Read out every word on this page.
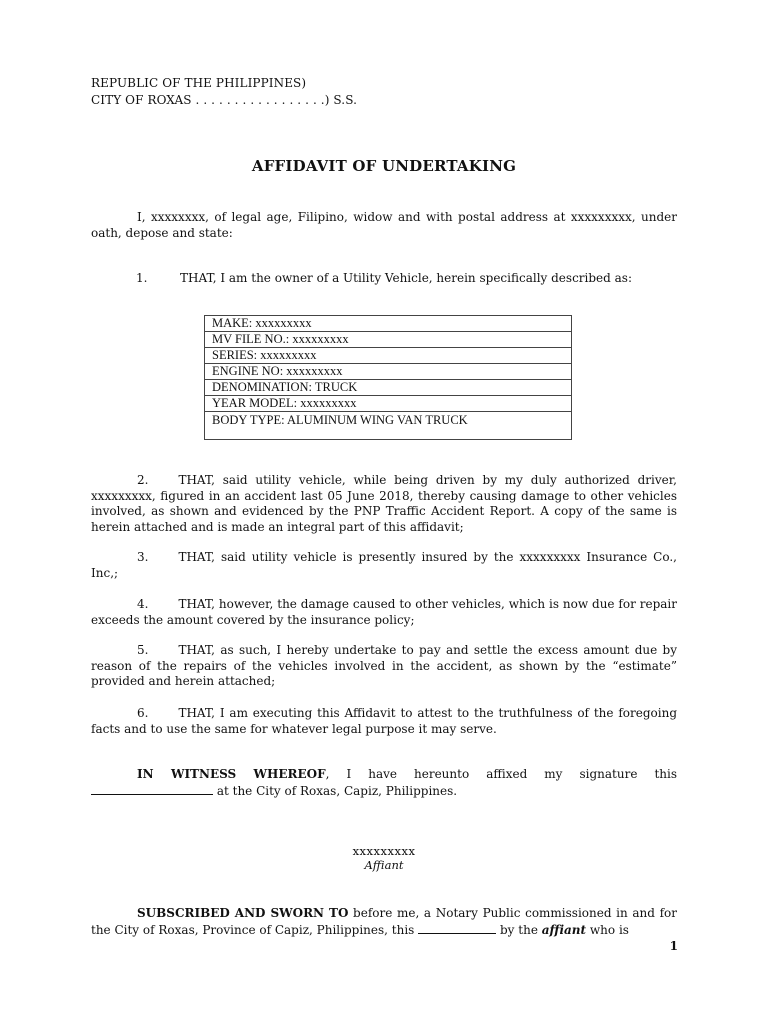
REPUBLIC OF THE PHILIPPINES)
CITY OF ROXAS . . . . . . . . . . . . . . . . .) S.S.
AFFIDAVIT OF UNDERTAKING
I, xxxxxxxx, of legal age, Filipino, widow and with postal address at xxxxxxxxx, under oath, depose and state:
1.	THAT, I am the owner of a Utility Vehicle, herein specifically described as:
MAKE: xxxxxxxxx
MV FILE NO.: xxxxxxxxx
SERIES: xxxxxxxxx
ENGINE NO: xxxxxxxxx
DENOMINATION: TRUCK
YEAR MODEL: xxxxxxxxx
BODY TYPE: ALUMINUM WING VAN TRUCK
2.	THAT, said utility vehicle, while being driven by my duly authorized driver, xxxxxxxxx, figured in an accident last 05 June 2018, thereby causing damage to other vehicles involved, as shown and evidenced by the PNP Traffic Accident Report. A copy of the same is herein attached and is made an integral part of this affidavit;
3.	THAT, said utility vehicle is presently insured by the xxxxxxxxx Insurance Co., Inc,;
4.	THAT, however, the damage caused to other vehicles, which is now due for repair exceeds the amount covered by the insurance policy;
5.	THAT, as such, I hereby undertake to pay and settle the excess amount due by reason of the repairs of the vehicles involved in the accident, as shown by the “estimate” provided and herein attached;
6.	THAT, I am executing this Affidavit to attest to the truthfulness of the foregoing facts and to use the same for whatever legal purpose it may serve.
IN WITNESS WHEREOF, I have hereunto affixed my signature this  at the City of Roxas, Capiz, Philippines.
xxxxxxxxx
Affiant
SUBSCRIBED AND SWORN TO before me, a Notary Public commissioned in and for the City of Roxas, Province of Capiz, Philippines, this	by the affiant who is
1
